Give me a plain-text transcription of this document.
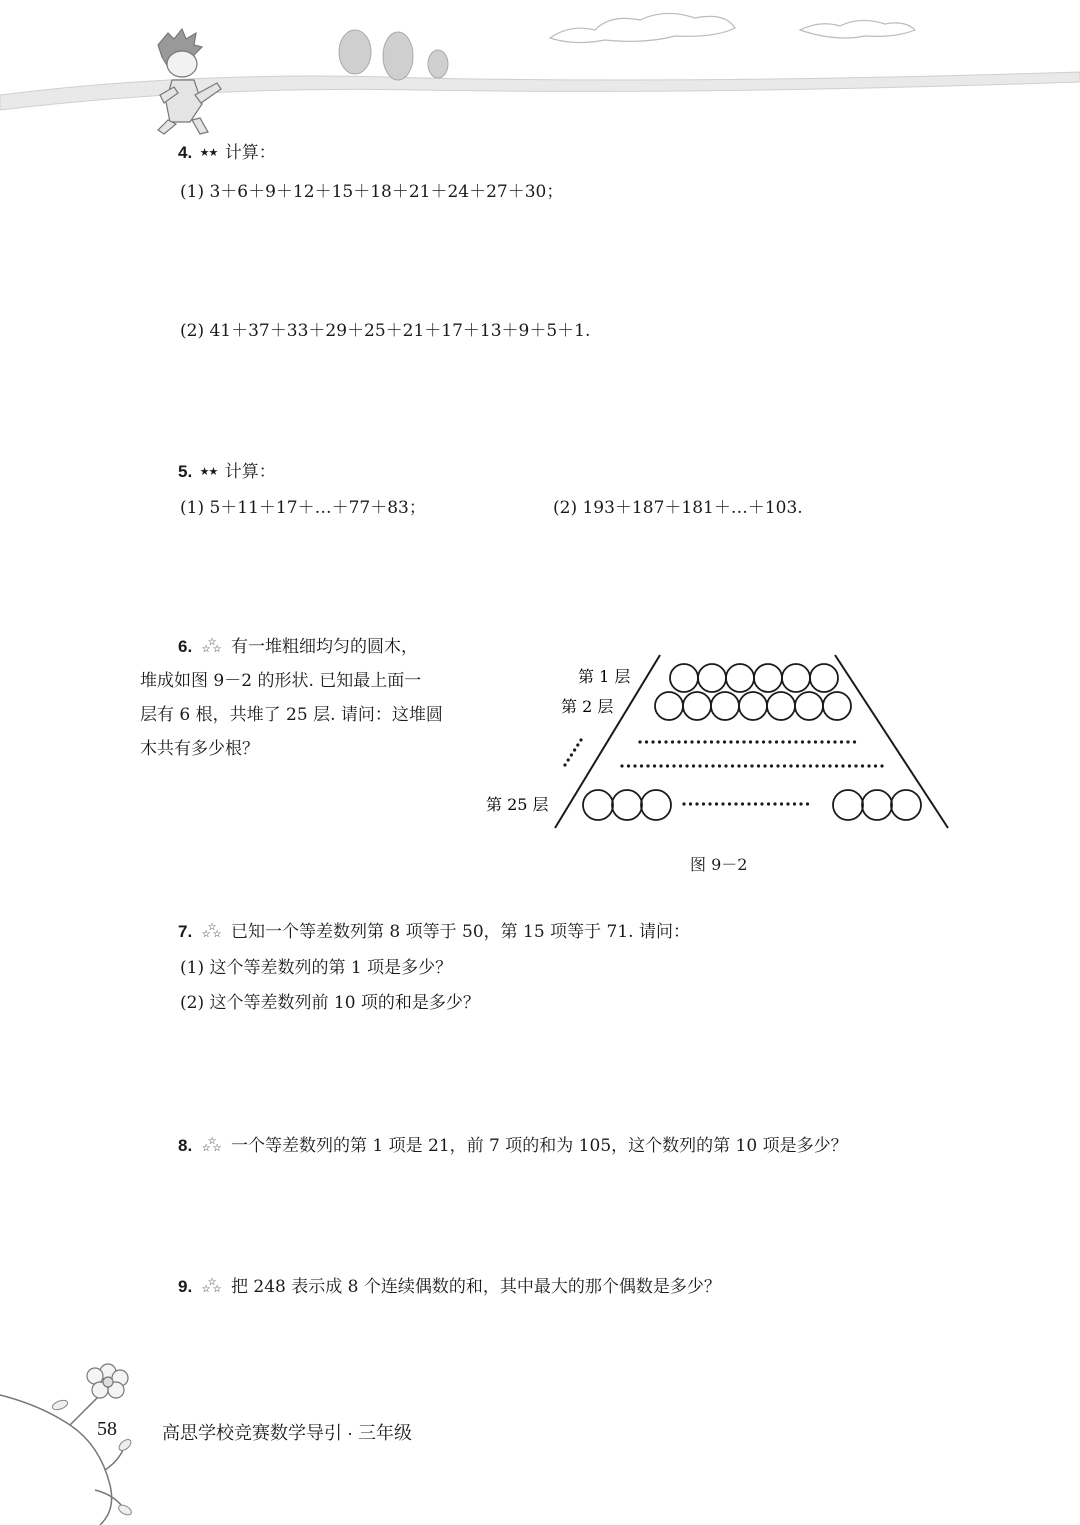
4. ★★ 计算：
(1) 3＋6＋9＋12＋15＋18＋21＋24＋27＋30；
(2) 41＋37＋33＋29＋25＋21＋17＋13＋9＋5＋1.
5. ★★ 计算：
(1) 5＋11＋17＋…＋77＋83；	(2) 193＋187＋181＋…＋103.
6. ☆
☆ ☆ 有一堆粗细均匀的圆木，
堆成如图 9－2 的形状. 已知最上面一
层有 6 根，共堆了 25 层. 请问：这堆圆
木共有多少根？
第 1 层
第 2 层
第 25 层
图 9－2
7. ☆
☆ ☆ 已知一个等差数列第 8 项等于 50，第 15 项等于 71. 请问：
(1) 这个等差数列的第 1 项是多少？
(2) 这个等差数列前 10 项的和是多少？
8. ☆
☆ ☆ 一个等差数列的第 1 项是 21，前 7 项的和为 105，这个数列的第 10 项是多少？
9. ☆
☆ ☆ 把 248 表示成 8 个连续偶数的和，其中最大的那个偶数是多少？
58	高思学校竞赛数学导引 · 三年级
